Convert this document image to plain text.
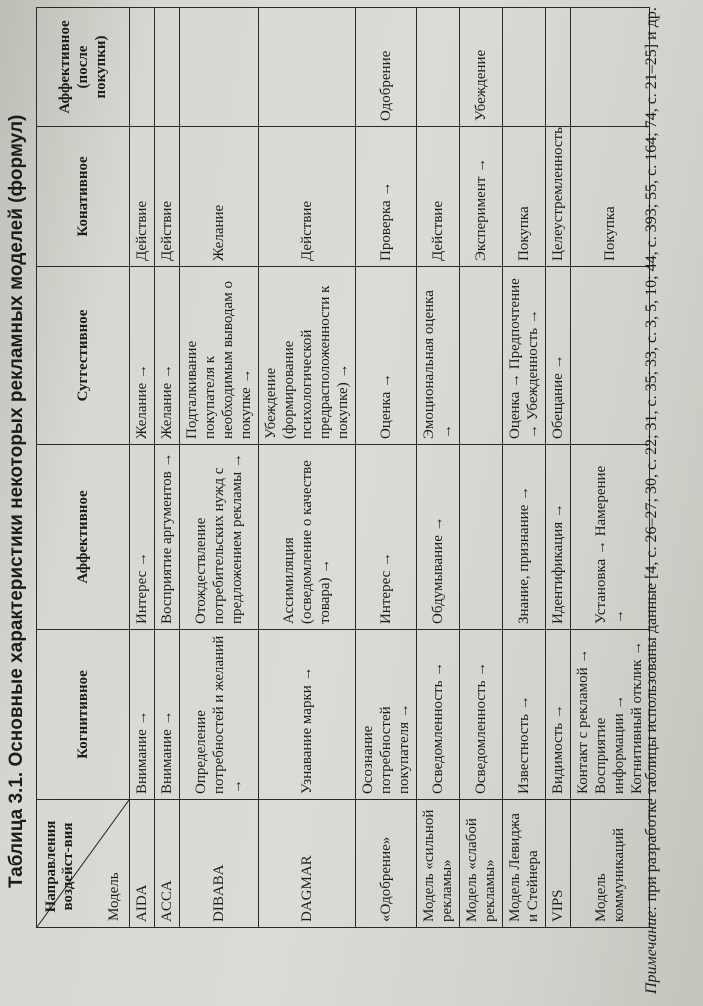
Таблица 3.1. Основные характеристики некоторых рекламных моделей (формул)
Направления воздейст-вия Модель	Когнитивное	Аффективное	Суггестивное	Конативное	Аффективное (после покупки)
AIDA	Внимание →	Интерес →	Желание →	Действие	
ACCA	Внимание →	Восприятие аргументов →	Желание →	Действие	
DIBABA	Определение потребностей и желаний →	Отождествление потребительских нужд с предложением рекламы →	Подталкивание покупателя к необходимым выводам о покупке →	Желание	
DAGMAR	Узнавание марки →	Ассимиляция (осведомление о качестве товара) →	Убеждение (формирование психологической предрасположенности к покупке) →	Действие	
«Одобрение»	Осознание потребностей покупателя →	Интерес →	Оценка →	Проверка →	Одобрение
Модель «сильной рекламы»	Осведомленность →	Обдумывание →	Эмоциональная оценка →	Действие	
Модель «слабой рекламы»	Осведомленность →			Эксперимент →	Убеждение
Модель Левиджа и Стейнера	Известность →	Знание, признание →	Оценка → Предпочтение → Убежденность →	Покупка	
VIPS	Видимость →	Идентификация →	Обещание →	Целеустремленность	
Модель коммуникаций	Контакт с рекламой → Восприятие информации → Когнитивный отклик →	Установка → Намерение →		Покупка	
Примечание: при разработке таблицы использованы данные [4, с. 26–27; 30, с. 22; 31, с. 35; 33, с. 3, 5, 10; 44, с. 393; 55, с. 164; 74, с. 21–25] и др.
